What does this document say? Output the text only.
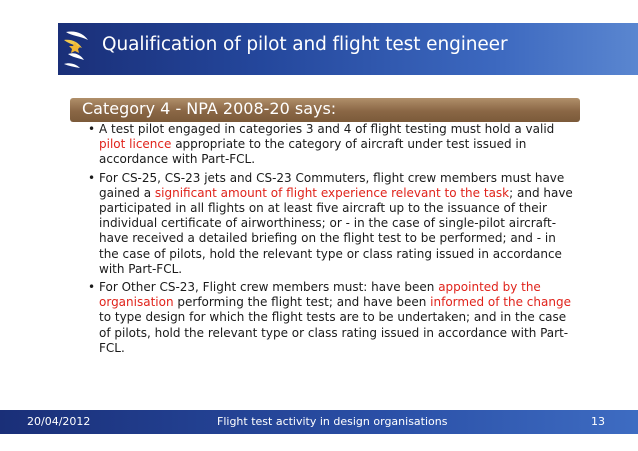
Qualification of pilot and flight test engineer
Category 4 - NPA 2008-20 says:
• A test pilot engaged in categories 3 and 4 of flight testing must hold a valid pilot licence appropriate to the category of aircraft under test issued in accordance with Part-FCL.
• For CS-25, CS-23 jets and CS-23 Commuters, flight crew members must have gained a significant amount of flight experience relevant to the task; and have participated in all flights on at least five aircraft up to the issuance of their individual certificate of airworthiness; or - in the case of single-pilot aircraft- have received a detailed briefing on the flight test to be performed; and - in the case of pilots, hold the relevant type or class rating issued in accordance with Part-FCL.
• For Other CS-23, Flight crew members must: have been appointed by the organisation performing the flight test; and have been informed of the change to type design for which the flight tests are to be undertaken; and in the case of pilots, hold the relevant type or class rating issued in accordance with Part-FCL.
20/04/2012	Flight test activity in design organisations	13
